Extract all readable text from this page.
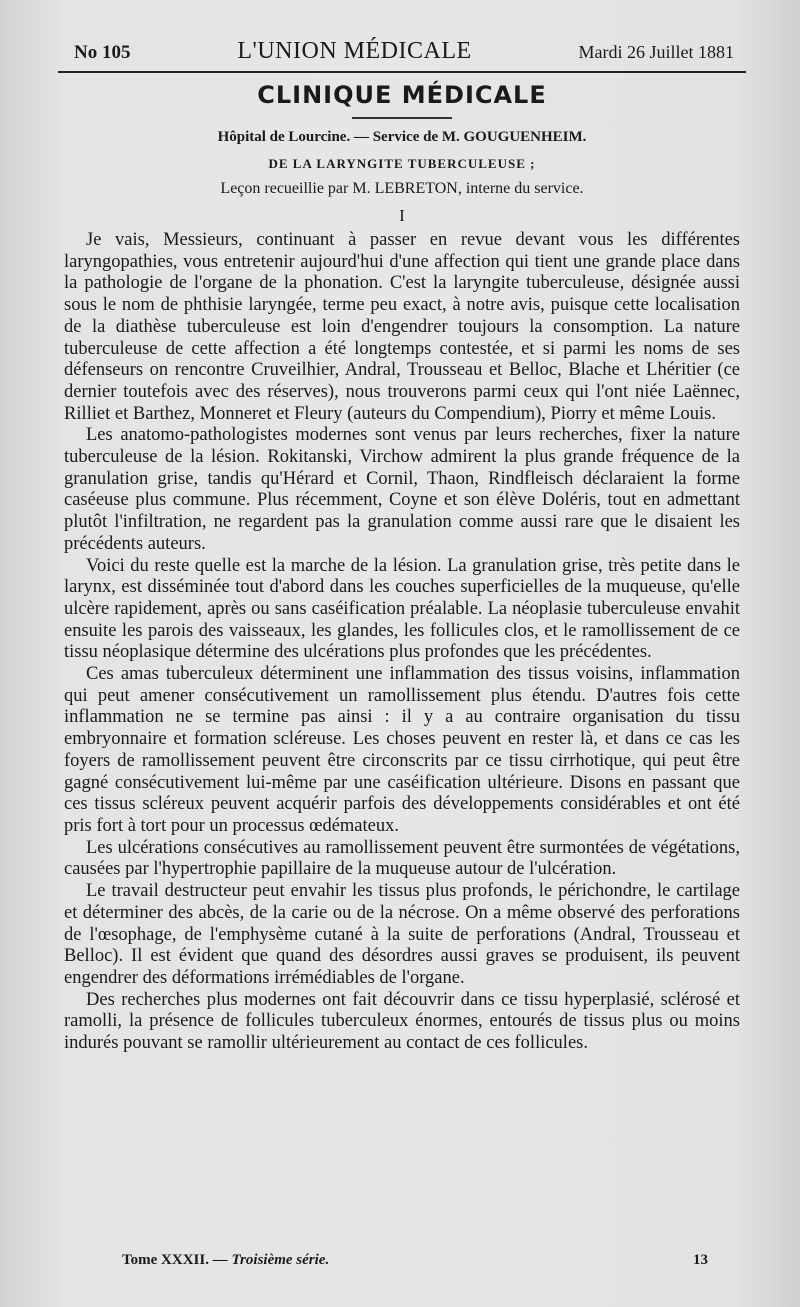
No 105	L'UNION MÉDICALE	Mardi 26 Juillet 1881
CLINIQUE MÉDICALE
Hôpital de Lourcine. — Service de M. GOUGUENHEIM.
DE LA LARYNGITE TUBERCULEUSE ;
Leçon recueillie par M. LEBRETON, interne du service.
I

Je vais, Messieurs, continuant à passer en revue devant vous les différentes laryngopathies, vous entretenir aujourd'hui d'une affection qui tient une grande place dans la pathologie de l'organe de la phonation. C'est la laryngite tuberculeuse, désignée aussi sous le nom de phthisie laryngée, terme peu exact, à notre avis, puisque cette localisation de la diathèse tuberculeuse est loin d'engendrer toujours la consomption. La nature tuberculeuse de cette affection a été longtemps contestée, et si parmi les noms de ses défenseurs on rencontre Cruveilhier, Andral, Trousseau et Belloc, Blache et Lhéritier (ce dernier toutefois avec des réserves), nous trouverons parmi ceux qui l'ont niée Laënnec, Rilliet et Barthez, Monneret et Fleury (auteurs du Compendium), Piorry et même Louis.

Les anatomo-pathologistes modernes sont venus par leurs recherches, fixer la nature tuberculeuse de la lésion. Rokitanski, Virchow admirent la plus grande fréquence de la granulation grise, tandis qu'Hérard et Cornil, Thaon, Rindfleisch déclaraient la forme caséeuse plus commune. Plus récemment, Coyne et son élève Doléris, tout en admettant plutôt l'infiltration, ne regardent pas la granulation comme aussi rare que le disaient les précédents auteurs.

Voici du reste quelle est la marche de la lésion. La granulation grise, très petite dans le larynx, est disséminée tout d'abord dans les couches superficielles de la muqueuse, qu'elle ulcère rapidement, après ou sans caséification préalable. La néoplasie tuberculeuse envahit ensuite les parois des vaisseaux, les glandes, les follicules clos, et le ramollissement de ce tissu néoplasique détermine des ulcérations plus profondes que les précédentes.

Ces amas tuberculeux déterminent une inflammation des tissus voisins, inflammation qui peut amener consécutivement un ramollissement plus étendu. D'autres fois cette inflammation ne se termine pas ainsi : il y a au contraire organisation du tissu embryonnaire et formation scléreuse. Les choses peuvent en rester là, et dans ce cas les foyers de ramollissement peuvent être circonscrits par ce tissu cirrhotique, qui peut être gagné consécutivement lui-même par une caséification ultérieure. Disons en passant que ces tissus scléreux peuvent acquérir parfois des développements considérables et ont été pris fort à tort pour un processus œdémateux.

Les ulcérations consécutives au ramollissement peuvent être surmontées de végétations, causées par l'hypertrophie papillaire de la muqueuse autour de l'ulcération.

Le travail destructeur peut envahir les tissus plus profonds, le périchondre, le cartilage et déterminer des abcès, de la carie ou de la nécrose. On a même observé des perforations de l'œsophage, de l'emphysème cutané à la suite de perforations (Andral, Trousseau et Belloc). Il est évident que quand des désordres aussi graves se produisent, ils peuvent engendrer des déformations irrémédiables de l'organe.

Des recherches plus modernes ont fait découvrir dans ce tissu hyperplasié, sclérosé et ramolli, la présence de follicules tuberculeux énormes, entourés de tissus plus ou moins indurés pouvant se ramollir ultérieurement au contact de ces follicules.

Tome XXXII. — Troisième série.	13
